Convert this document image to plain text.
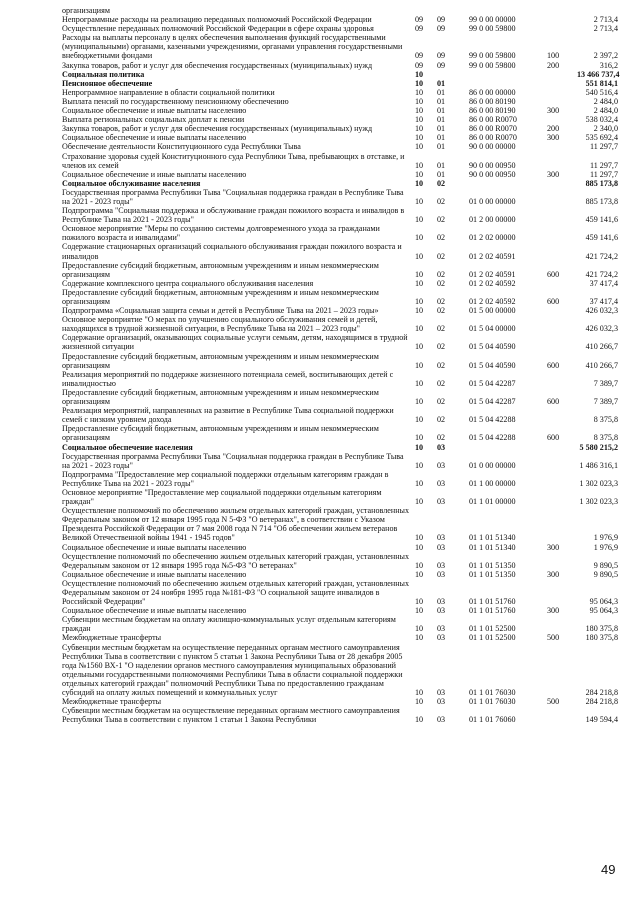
организациям
Непрограммные расходы на реализацию переданных полномочий Российской Федерации	09	09	99 0 00 00000	2 713,4
Осуществление переданных полномочий Российской Федерации в сфере охраны здоровья	09	09	99 0 00 59800	2 713,4
Расходы на выплаты персоналу в целях обеспечения выполнения функций государственными (муниципальными) органами, казенными учреждениями, органами управления государственными внебюджетными фондами	09	09	99 0 00 59800	100	2 397,2
Закупка товаров, работ и услуг для обеспечения государственных (муниципальных) нужд	09	09	99 0 00 59800	200	316,2
Социальная политика	10	13 466 737,4
Пенсионное обеспечение	10	01	551 814,1
Непрограммное направление в области социальной политики	10	01	86 0 00 00000	540 516,4
Выплата пенсий по государственному пенсионному обеспечению	10	01	86 0 00 80190	2 484,0
Социальное обеспечение и иные выплаты населению	10	01	86 0 00 80190	300	2 484,0
Выплата региональных социальных доплат к пенсии	10	01	86 0 00 R0070	538 032,4
Закупка товаров, работ и услуг для обеспечения государственных (муниципальных) нужд	10	01	86 0 00 R0070	200	2 340,0
Социальное обеспечение и иные выплаты населению	10	01	86 0 00 R0070	300	535 692,4
Обеспечение деятельности Конституционного суда Республики Тыва	10	01	90 0 00 00000	11 297,7
Страхование здоровья судей Конституционного суда Республики Тыва, пребывающих в отставке, и членов их семей	10	01	90 0 00 00950	11 297,7
Социальное обеспечение и иные выплаты населению	10	01	90 0 00 00950	300	11 297,7
Социальное обслуживание населения	10	02	885 173,8
Государственная программа Республики Тыва "Социальная поддержка граждан в Республике Тыва на 2021 - 2023 годы"	10	02	01 0 00 00000	885 173,8
Подпрограмма "Социальная поддержка и обслуживание граждан пожилого возраста и инвалидов в Республике Тыва на 2021 - 2023 годы"	10	02	01 2 00 00000	459 141,6
Основное мероприятие "Меры по созданию системы долговременного ухода за гражданами пожилого возраста и инвалидами"	10	02	01 2 02 00000	459 141,6
Содержание стационарных организаций социального обслуживания граждан пожилого возраста и инвалидов	10	02	01 2 02 40591	421 724,2
Предоставление субсидий бюджетным, автономным учреждениям и иным некоммерческим организациям	10	02	01 2 02 40591	600	421 724,2
Содержание комплексного центра социального обслуживания населения	10	02	01 2 02 40592	37 417,4
Предоставление субсидий бюджетным, автономным учреждениям и иным некоммерческим организациям	10	02	01 2 02 40592	600	37 417,4
Подпрограмма «Социальная защита семьи и детей в Республике Тыва на 2021 – 2023 годы»	10	02	01 5 00 00000	426 032,3
Основное мероприятие "О мерах по улучшению социального обслуживания семей и детей, находящихся в трудной жизненной ситуации, в Республике Тыва на 2021 – 2023 годы"	10	02	01 5 04 00000	426 032,3
Содержание организаций, оказывающих социальные услуги семьям, детям, находящимся в трудной жизненной ситуации	10	02	01 5 04 40590	410 266,7
Предоставление субсидий бюджетным, автономным учреждениям и иным некоммерческим организациям	10	02	01 5 04 40590	600	410 266,7
Реализация мероприятий по поддержке жизненного потенциала семей, воспитывающих детей с инвалидностью	10	02	01 5 04 42287	7 389,7
Предоставление субсидий бюджетным, автономным учреждениям и иным некоммерческим организациям	10	02	01 5 04 42287	600	7 389,7
Реализация мероприятий, направленных на развитие в Республике Тыва социальной поддержки семей с низким уровнем дохода	10	02	01 5 04 42288	8 375,8
Предоставление субсидий бюджетным, автономным учреждениям и иным некоммерческим организациям	10	02	01 5 04 42288	600	8 375,8
Социальное обеспечение населения	10	03	5 580 215,2
Государственная программа Республики Тыва "Социальная поддержка граждан в Республике Тыва на 2021 - 2023 годы"	10	03	01 0 00 00000	1 486 316,1
Подпрограмма "Предоставление мер социальной поддержки отдельным категориям граждан в Республике Тыва на 2021 - 2023 годы"	10	03	01 1 00 00000	1 302 023,3
Основное мероприятие "Предоставление мер социальной поддержки отдельным категориям граждан"	10	03	01 1 01 00000	1 302 023,3
Осуществление полномочий по обеспечению жильем отдельных категорий граждан, установленных Федеральным законом от 12 января 1995 года N 5-ФЗ "О ветеранах", в соответствии с Указом Президента Российской Федерации от 7 мая 2008 года N 714 "Об обеспечении жильем ветеранов Великой Отечественной войны 1941 - 1945 годов"	10	03	01 1 01 51340	1 976,9
Социальное обеспечение и иные выплаты населению	10	03	01 1 01 51340	300	1 976,9
Осуществление полномочий по обеспечению жильем отдельных категорий граждан, установленных Федеральным законом от 12 января 1995 года №5-ФЗ "О ветеранах"	10	03	01 1 01 51350	9 890,5
Социальное обеспечение и иные выплаты населению	10	03	01 1 01 51350	300	9 890,5
Осуществление полномочий по обеспечению жильем отдельных категорий граждан, установленных Федеральным законом от 24 ноября 1995 года №181-ФЗ "О социальной защите инвалидов в Российской Федерации"	10	03	01 1 01 51760	95 064,3
Социальное обеспечение и иные выплаты населению	10	03	01 1 01 51760	300	95 064,3
Субвенции местным бюджетам на оплату жилищно-коммунальных услуг отдельным категориям граждан	10	03	01 1 01 52500	180 375,8
Межбюджетные трансферты	10	03	01 1 01 52500	500	180 375,8
Субвенции местным бюджетам на осуществление переданных органам местного самоуправления Республики Тыва в соответствии с пунктом 5 статьи 1 Закона Республики Тыва от 28 декабря 2005 года №1560 ВХ-1 "О наделении органов местного самоуправления муниципальных образований отдельными государственными полномочиями Республики Тыва в области социальной поддержки отдельных категорий граждан" полномочий Республики Тыва по предоставлению гражданам субсидий на оплату жилых помещений и коммунальных услуг	10	03	01 1 01 76030	284 218,8
Межбюджетные трансферты	10	03	01 1 01 76030	500	284 218,8
Субвенции местным бюджетам на осуществление переданных органам местного самоуправления Республики Тыва в соответствии с пунктом 1 статьи 1 Закона Республики	10	03	01 1 01 76060	149 594,4
49
